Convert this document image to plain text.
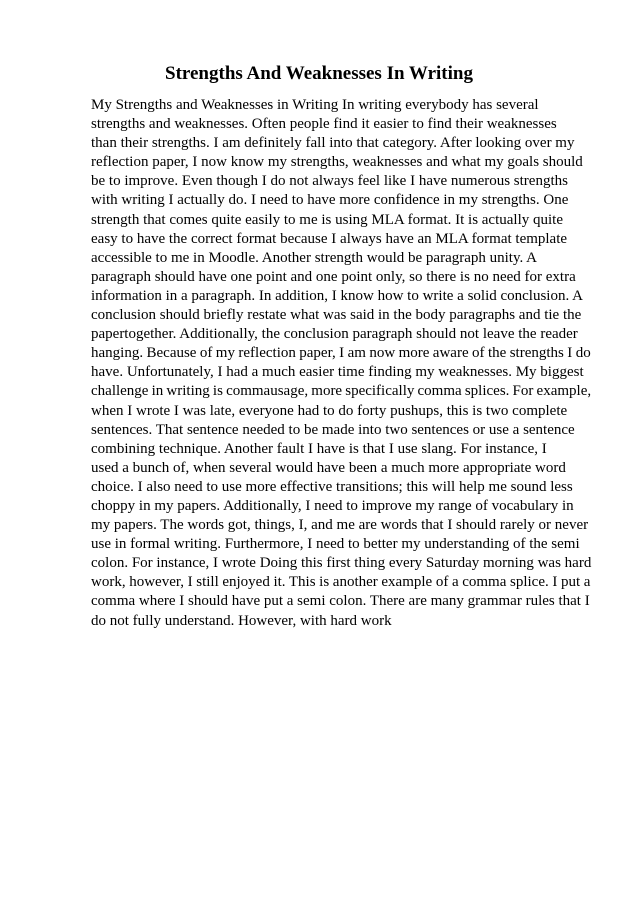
Strengths And Weaknesses In Writing
My Strengths and Weaknesses in Writing In writing everybody has several
strengths and weaknesses. Often people find it easier to find their weaknesses
than their strengths. I am definitely fall into that category. After looking over my
reflection paper, I now know my strengths, weaknesses and what my goals should
be to improve. Even though I do not always feel like I have numerous strengths
with writing I actually do. I need to have more confidence in my strengths. One
strength that comes quite easily to me is using MLA format. It is actually quite
easy to have the correct format because I always have an MLA format template
accessible to me in Moodle. Another strength would be paragraph unity. A
paragraph should have one point and one point only, so there is no need for extra
information in a paragraph. In addition, I know how to write a solid conclusion. A
conclusion should briefly restate what was said in the body paragraphs and tie the
papertogether. Additionally, the conclusion paragraph should not leave the reader
hanging. Because of my reflection paper, I am now more aware of the strengths I do
have. Unfortunately, I had a much easier time finding my weaknesses. My biggest
challenge in writing is commausage, more specifically comma splices. For example,
when I wrote I was late, everyone had to do forty pushups, this is two complete
sentences. That sentence needed to be made into two sentences or use a sentence
combining technique. Another fault I have is that I use slang. For instance, I
used a bunch of, when several would have been a much more appropriate word
choice. I also need to use more effective transitions; this will help me sound less
choppy in my papers. Additionally, I need to improve my range of vocabulary in
my papers. The words got, things, I, and me are words that I should rarely or never
use in formal writing. Furthermore, I need to better my understanding of the semi
colon. For instance, I wrote Doing this first thing every Saturday morning was hard
work, however, I still enjoyed it. This is another example of a comma splice. I put a
comma where I should have put a semi colon. There are many grammar rules that I
do not fully understand. However, with hard work
